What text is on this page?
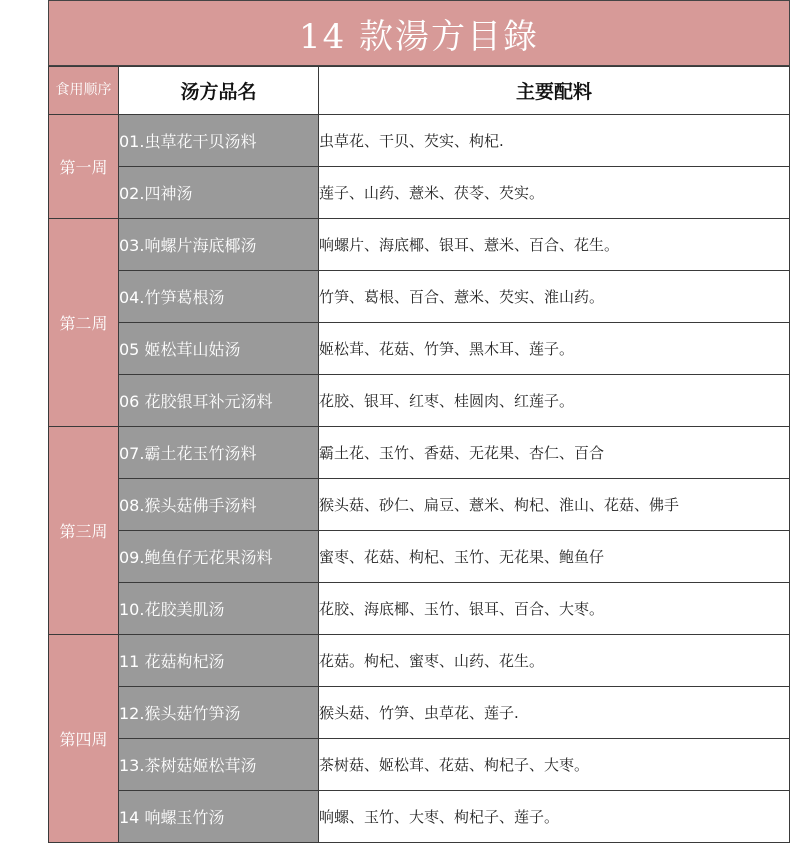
14 款湯方目錄
食用顺序	汤方品名	主要配料
第一周	01.虫草花干贝汤料	虫草花、干贝、芡实、枸杞.
	02.四神汤	莲子、山药、薏米、茯苓、芡实。
第二周	03.响螺片海底椰汤	响螺片、海底椰、银耳、薏米、百合、花生。
	04.竹笋葛根汤	竹笋、葛根、百合、薏米、芡实、淮山药。
	05 姬松茸山姑汤	姬松茸、花菇、竹笋、黑木耳、莲子。
	06 花胶银耳补元汤料	花胶、银耳、红枣、桂圆肉、红莲子。
第三周	07.霸土花玉竹汤料	霸土花、玉竹、香菇、无花果、杏仁、百合
	08.猴头菇佛手汤料	猴头菇、砂仁、扁豆、薏米、枸杞、淮山、花菇、佛手
	09.鲍鱼仔无花果汤料	蜜枣、花菇、枸杞、玉竹、无花果、鲍鱼仔
	10.花胶美肌汤	花胶、海底椰、玉竹、银耳、百合、大枣。
第四周	11 花菇枸杞汤	花菇。枸杞、蜜枣、山药、花生。
	12.猴头菇竹笋汤	猴头菇、竹笋、虫草花、莲子.
	13.茶树菇姬松茸汤	茶树菇、姬松茸、花菇、枸杞子、大枣。
	14 响螺玉竹汤	响螺、玉竹、大枣、枸杞子、莲子。
